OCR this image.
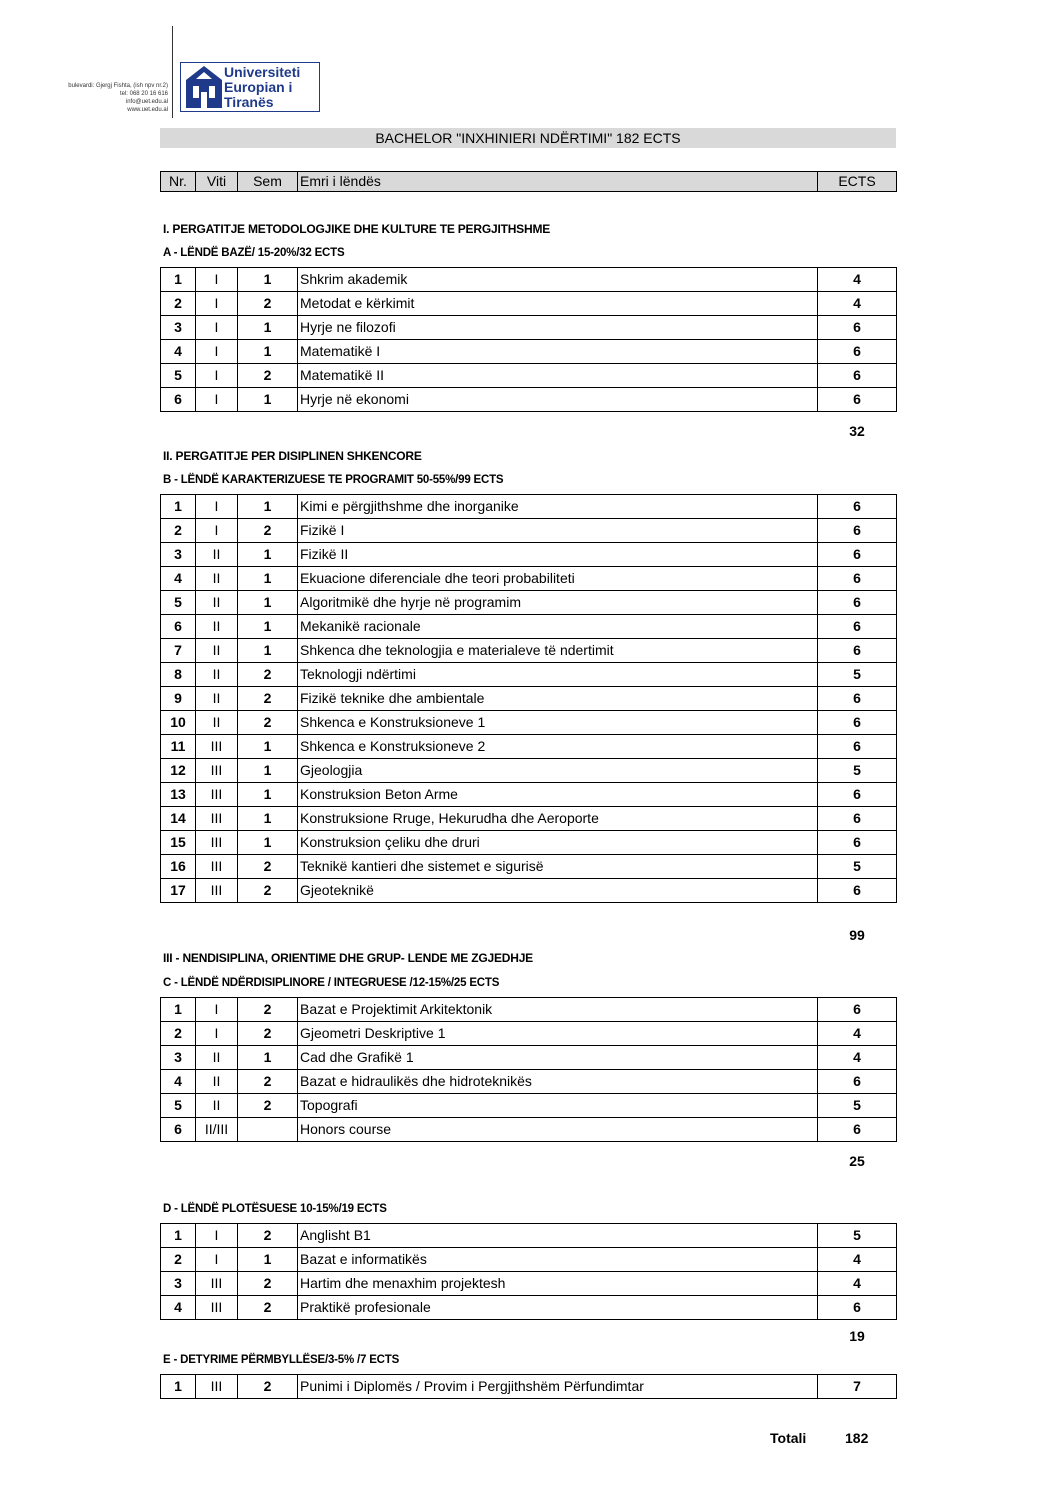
bulevardi: Gjergj Fishta, (ish npv nr.2)
tel: 068 20 16 616
info@uet.edu.al
www.uet.edu.al
Universiteti
Europian i
Tiranës
BACHELOR "INXHINIERI NDËRTIMI" 182 ECTS
Nr.	Viti	Sem	Emri i lëndës	ECTS
I. PERGATITJE METODOLOGJIKE DHE KULTURE TE PERGJITHSHME
A - LËNDË BAZË/ 15-20%/32 ECTS
1	I	1	Shkrim akademik	4
2	I	2	Metodat e kërkimit	4
3	I	1	Hyrje ne filozofi	6
4	I	1	Matematikë I	6
5	I	2	Matematikë II	6
6	I	1	Hyrje në ekonomi	6
32
II. PERGATITJE PER DISIPLINEN SHKENCORE
B - LËNDË KARAKTERIZUESE TE PROGRAMIT 50-55%/99 ECTS
1	I	1	Kimi e përgjithshme dhe inorganike	6
2	I	2	Fizikë I	6
3	II	1	Fizikë II	6
4	II	1	Ekuacione diferenciale dhe teori probabiliteti	6
5	II	1	Algoritmikë dhe hyrje në programim	6
6	II	1	Mekanikë racionale	6
7	II	1	Shkenca dhe teknologjia e materialeve të ndertimit	6
8	II	2	Teknologji ndërtimi	5
9	II	2	Fizikë teknike dhe ambientale	6
10	II	2	Shkenca e Konstruksioneve 1	6
11	III	1	Shkenca e Konstruksioneve 2	6
12	III	1	Gjeologjia	5
13	III	1	Konstruksion Beton Arme	6
14	III	1	Konstruksione Rruge, Hekurudha dhe Aeroporte	6
15	III	1	Konstruksion çeliku dhe druri	6
16	III	2	Teknikë kantieri dhe sistemet e sigurisë	5
17	III	2	Gjeoteknikë	6
99
III - NENDISIPLINA, ORIENTIME DHE GRUP- LENDE ME ZGJEDHJE
C - LËNDË NDËRDISIPLINORE / INTEGRUESE /12-15%/25 ECTS
1	I	2	Bazat e Projektimit Arkitektonik	6
2	I	2	Gjeometri Deskriptive 1	4
3	II	1	Cad dhe Grafikë 1	4
4	II	2	Bazat e hidraulikës dhe hidroteknikës	6
5	II	2	Topografi	5
6	II/III		Honors course	6
25
D - LËNDË PLOTËSUESE 10-15%/19 ECTS
1	I	2	Anglisht B1	5
2	I	1	Bazat e informatikës	4
3	III	2	Hartim dhe menaxhim projektesh	4
4	III	2	Praktikë profesionale	6
19
E - DETYRIME PËRMBYLLËSE/3-5% /7 ECTS
1	III	2	Punimi i Diplomës / Provim i Pergjithshëm Përfundimtar	7
Totali	182
